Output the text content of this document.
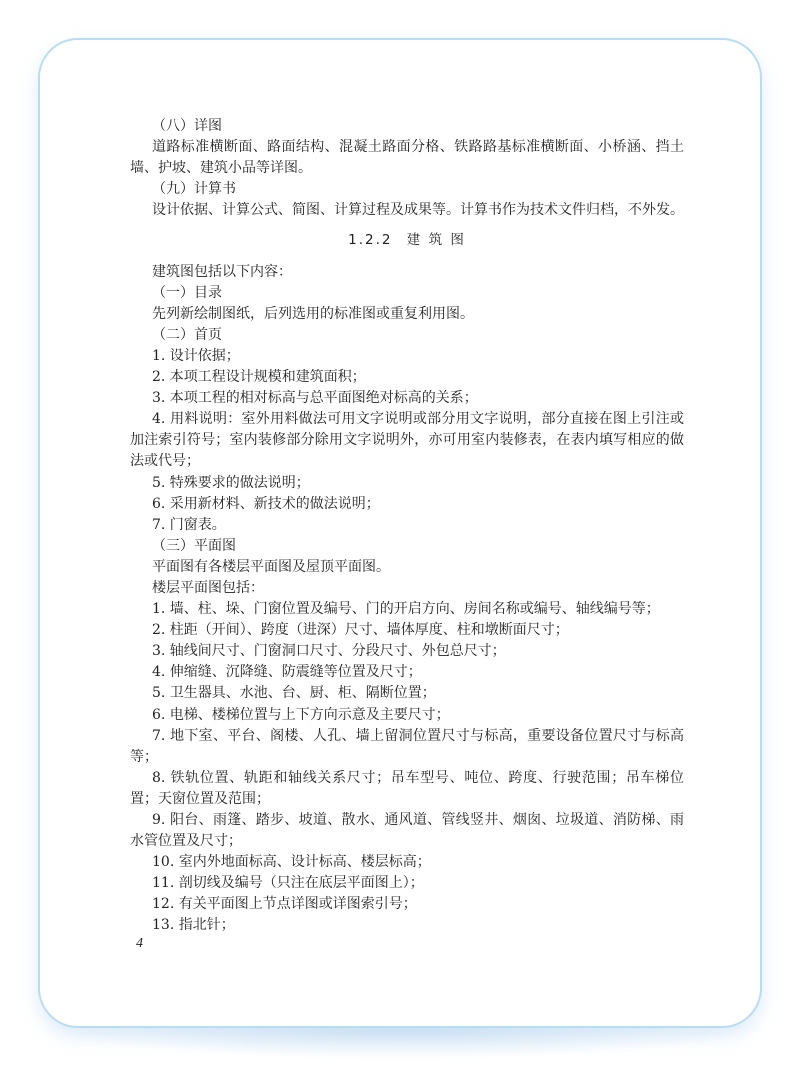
（八）详图

道路标准横断面、路面结构、混凝土路面分格、铁路路基标准横断面、小桥涵、挡土墙、护坡、建筑小品等详图。

（九）计算书

设计依据、计算公式、简图、计算过程及成果等。计算书作为技术文件归档，不外发。

1.2.2 建 筑 图

建筑图包括以下内容：

（一）目录

先列新绘制图纸，后列选用的标准图或重复利用图。

（二）首页

1. 设计依据；

2. 本项工程设计规模和建筑面积；

3. 本项工程的相对标高与总平面图绝对标高的关系；

4. 用料说明：室外用料做法可用文字说明或部分用文字说明，部分直接在图上引注或加注索引符号；室内装修部分除用文字说明外，亦可用室内装修表，在表内填写相应的做法或代号；

5. 特殊要求的做法说明；

6. 采用新材料、新技术的做法说明；

7. 门窗表。

（三）平面图

平面图有各楼层平面图及屋顶平面图。

楼层平面图包括：

1. 墙、柱、垛、门窗位置及编号、门的开启方向、房间名称或编号、轴线编号等；

2. 柱距（开间）、跨度（进深）尺寸、墙体厚度、柱和墩断面尺寸；

3. 轴线间尺寸、门窗洞口尺寸、分段尺寸、外包总尺寸；

4. 伸缩缝、沉降缝、防震缝等位置及尺寸；

5. 卫生器具、水池、台、厨、柜、隔断位置；

6. 电梯、楼梯位置与上下方向示意及主要尺寸；

7. 地下室、平台、阁楼、人孔、墙上留洞位置尺寸与标高，重要设备位置尺寸与标高等；

8. 铁轨位置、轨距和轴线关系尺寸；吊车型号、吨位、跨度、行驶范围；吊车梯位置；天窗位置及范围；

9. 阳台、雨篷、踏步、坡道、散水、通风道、管线竖井、烟囱、垃圾道、消防梯、雨水管位置及尺寸；

10. 室内外地面标高、设计标高、楼层标高；

11. 剖切线及编号（只注在底层平面图上）；

12. 有关平面图上节点详图或详图索引号；

13. 指北针；

4
